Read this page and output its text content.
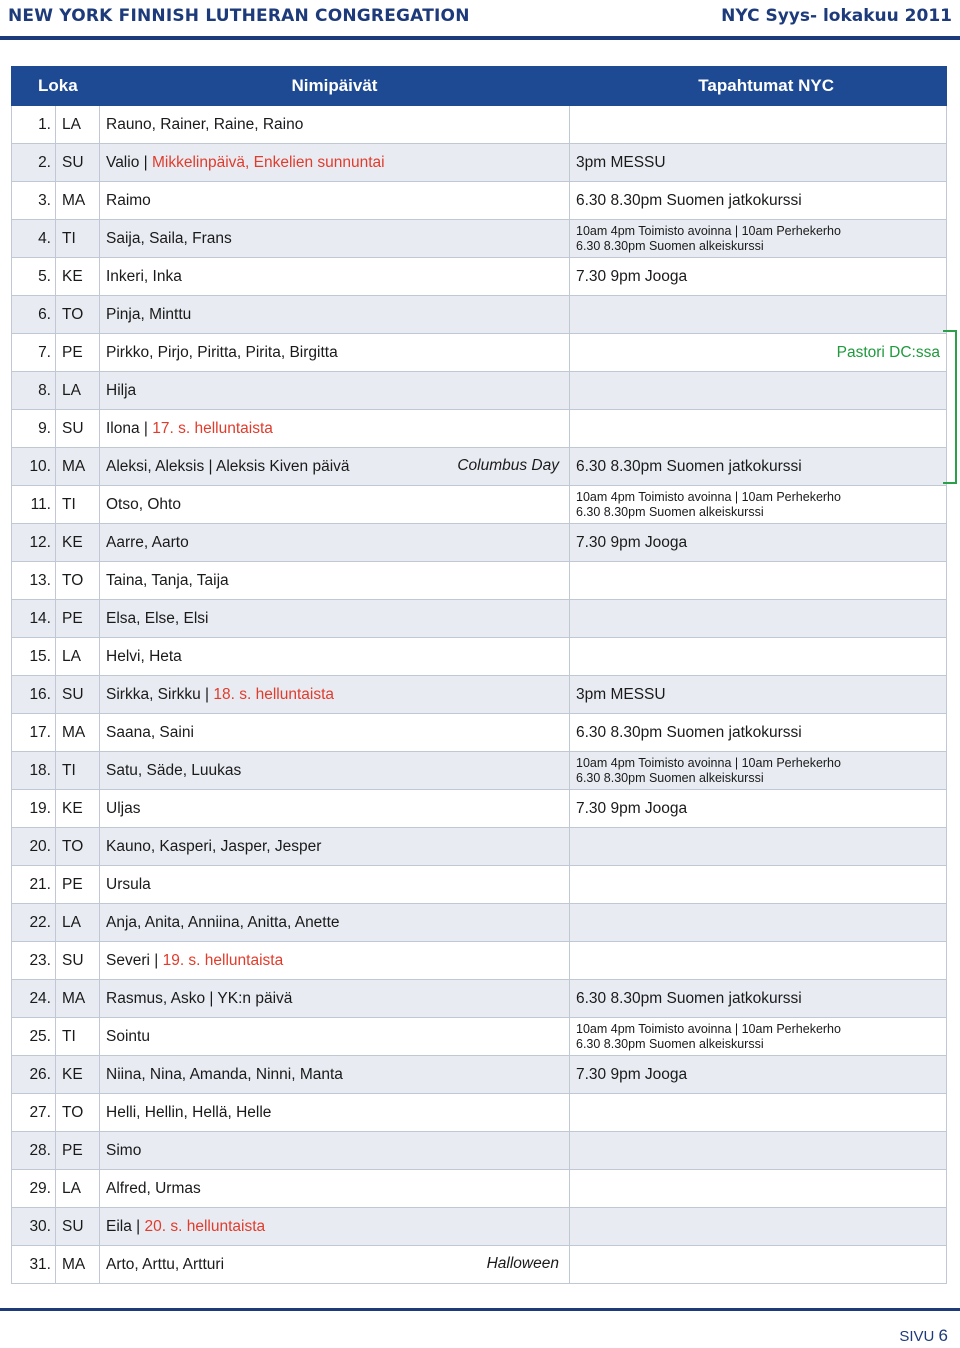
NEW YORK FINNISH LUTHERAN CONGREGATION	NYC Syys- lokakuu 2011
Loka		Nimipäivät	Tapahtumat NYC
1.	LA	Rauno, Rainer, Raine, Raino	
2.	SU	Valio | Mikkelinpäivä, Enkelien sunnuntai	3pm MESSU
3.	MA	Raimo	6.30 8.30pm Suomen jatkokurssi
4.	TI	Saija, Saila, Frans	10am 4pm Toimisto avoinna | 10am Perhekerho
6.30 8.30pm Suomen alkeiskurssi

5.	KE	Inkeri, Inka	7.30 9pm Jooga
6.	TO	Pinja, Minttu	
7.	PE	Pirkko, Pirjo, Piritta, Pirita, Birgitta	Pastori DC:ssa

8.	LA	Hilja	
9.	SU	Ilona | 17. s. helluntaista	
10.	MA	Aleksi, Aleksis | Aleksis Kiven päivä Columbus Day	6.30 8.30pm Suomen jatkokurssi
11.	TI	Otso, Ohto	10am 4pm Toimisto avoinna | 10am Perhekerho
6.30 8.30pm Suomen alkeiskurssi

12.	KE	Aarre, Aarto	7.30 9pm Jooga
13.	TO	Taina, Tanja, Taija	
14.	PE	Elsa, Else, Elsi	
15.	LA	Helvi, Heta	
16.	SU	Sirkka, Sirkku | 18. s. helluntaista	3pm MESSU
17.	MA	Saana, Saini	6.30 8.30pm Suomen jatkokurssi
18.	TI	Satu, Säde, Luukas	10am 4pm Toimisto avoinna | 10am Perhekerho
6.30 8.30pm Suomen alkeiskurssi

19.	KE	Uljas	7.30 9pm Jooga
20.	TO	Kauno, Kasperi, Jasper, Jesper	
21.	PE	Ursula	
22.	LA	Anja, Anita, Anniina, Anitta, Anette	
23.	SU	Severi | 19. s. helluntaista	
24.	MA	Rasmus, Asko | YK:n päivä	6.30 8.30pm Suomen jatkokurssi
25.	TI	Sointu	10am 4pm Toimisto avoinna | 10am Perhekerho
6.30 8.30pm Suomen alkeiskurssi

26.	KE	Niina, Nina, Amanda, Ninni, Manta	7.30 9pm Jooga
27.	TO	Helli, Hellin, Hellä, Helle	
28.	PE	Simo	
29.	LA	Alfred, Urmas	
30.	SU	Eila | 20. s. helluntaista	
31.	MA	Arto, Arttu, Artturi Halloween	

SIVU 6
